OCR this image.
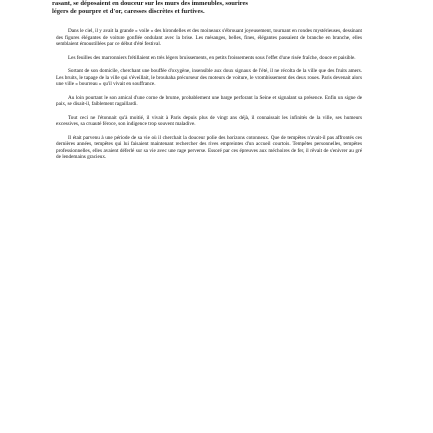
rasant, se déposaient en douceur sur les murs des immeubles, sourires
légers de pourpre et d'or, caresses discrètes et furtives.

Dans le ciel, il y avait la grande « voile » des hirondelles et des moineaux s'ébrouant joyeusement, tournant en rondes mystérieuses, dessinant des figures élégantes de voiture gonflée ondulant avec la brise. Les mésanges, belles, fines, élégantes passaient de branche en branche, elles semblaient émoustillées par ce début d'été festival.

Les feuilles des marronniers frétillaient en très légers bruissements, en petits froissements sous l'effet d'une risée fraîche, douce et paisible.

Sortant de son domicile, cherchant une bouffée d'oxygène, insensible aux doux signaux de l'été, il ne récolta de la ville que des fruits amers. Les bruits, le tapage de la ville qui s'éveillait, le brouhaha précurseur des moteurs de voiture, le vrombissement des deux roues. Paris devenait alors une ville « bourreau » qu'il vivait en souffrance.

Au loin pourtant le son amical d'une corne de brume, probablement une barge perforant la Seine et signalant sa présence. Enfin un signe de paix, se disait-il, faiblement ragaillardi.

Tout ceci ne l'étonnait qu'à moitié, il vivait à Paris depuis plus de vingt ans déjà, il connaissait les infinités de la ville, ses humeurs excessives, sa cruauté féroce, son indigence trop souvent maladive.

Il était parvenu à une période de sa vie où il cherchait la douceur polie des horizons cotonneux. Que de tempêtes n'avait-il pas affrontés ces dernières années, tempêtes qui lui faisaient maintenant rechercher des rives empreintes d'un accueil courtois. Tempêtes personnelles, tempêtes professionnelles, elles avaient déferlé sur sa vie avec une rage perverse. Essoré par ces épreuves aux méchoires de fer, il rêvait de s'enivrer au gré de lendemains gracieux.
